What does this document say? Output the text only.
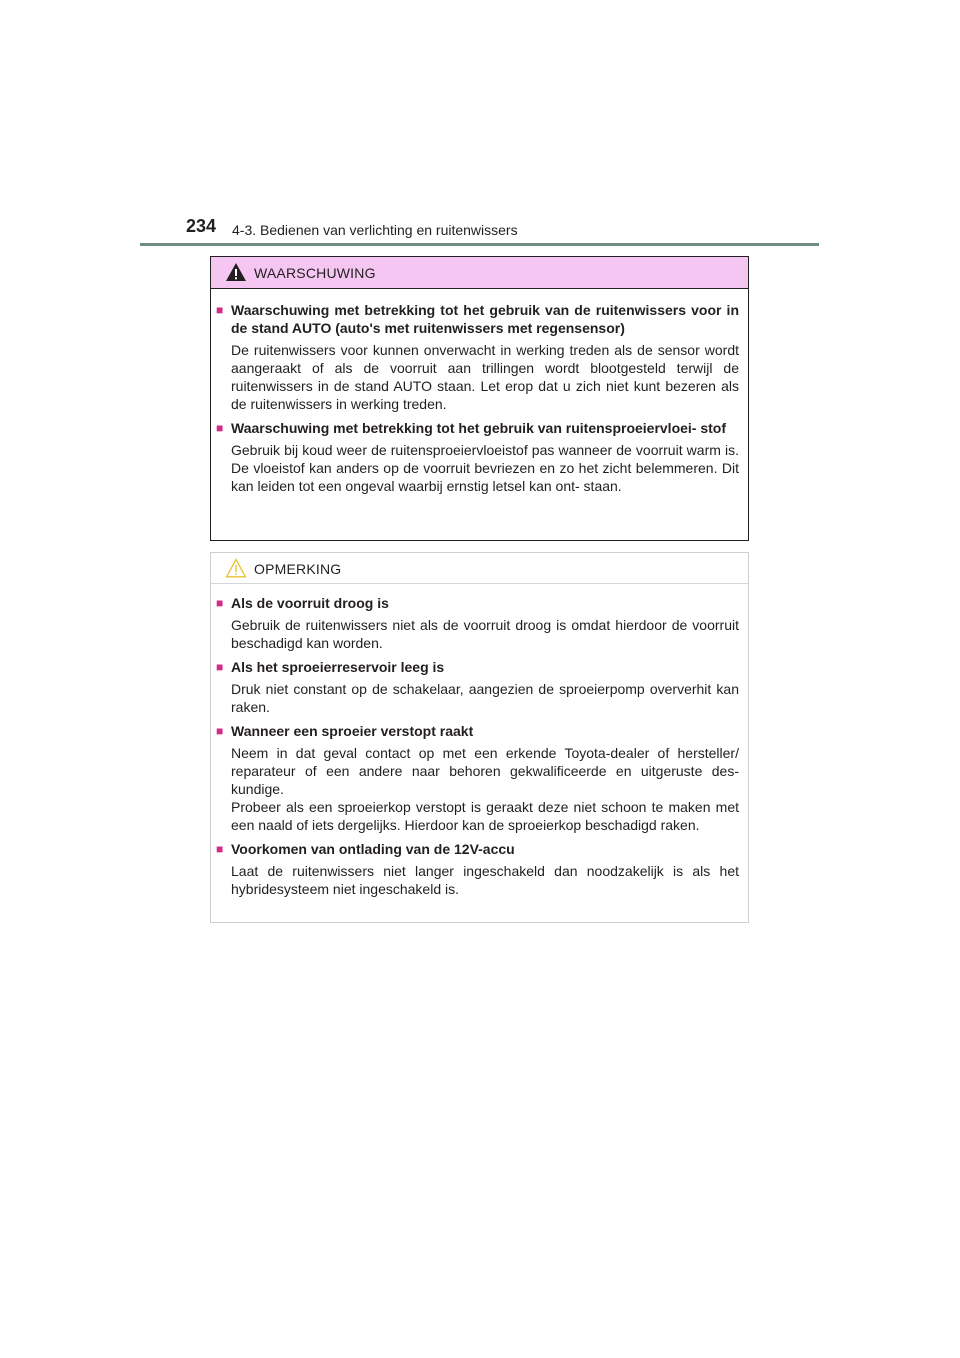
234 4-3. Bedienen van verlichting en ruitenwissers
WAARSCHUWING
■ Waarschuwing met betrekking tot het gebruik van de ruitenwissers voor in de stand AUTO (auto's met ruitenwissers met regensensor)
De ruitenwissers voor kunnen onverwacht in werking treden als de sensor wordt aangeraakt of als de voorruit aan trillingen wordt blootgesteld terwijl de ruitenwissers in de stand AUTO staan. Let erop dat u zich niet kunt bezeren als de ruitenwissers in werking treden.
■ Waarschuwing met betrekking tot het gebruik van ruitensproeiervloei- stof
Gebruik bij koud weer de ruitensproeiervloeistof pas wanneer de voorruit warm is. De vloeistof kan anders op de voorruit bevriezen en zo het zicht belemmeren. Dit kan leiden tot een ongeval waarbij ernstig letsel kan ont- staan.
OPMERKING
■ Als de voorruit droog is
Gebruik de ruitenwissers niet als de voorruit droog is omdat hierdoor de voorruit beschadigd kan worden.
■ Als het sproeierreservoir leeg is
Druk niet constant op de schakelaar, aangezien de sproeierpomp oververhit kan raken.
■ Wanneer een sproeier verstopt raakt
Neem in dat geval contact op met een erkende Toyota-dealer of hersteller/ reparateur of een andere naar behoren gekwalificeerde en uitgeruste des- kundige.
Probeer als een sproeierkop verstopt is geraakt deze niet schoon te maken met een naald of iets dergelijks. Hierdoor kan de sproeierkop beschadigd raken.
■ Voorkomen van ontlading van de 12V-accu
Laat de ruitenwissers niet langer ingeschakeld dan noodzakelijk is als het hybridesysteem niet ingeschakeld is.
